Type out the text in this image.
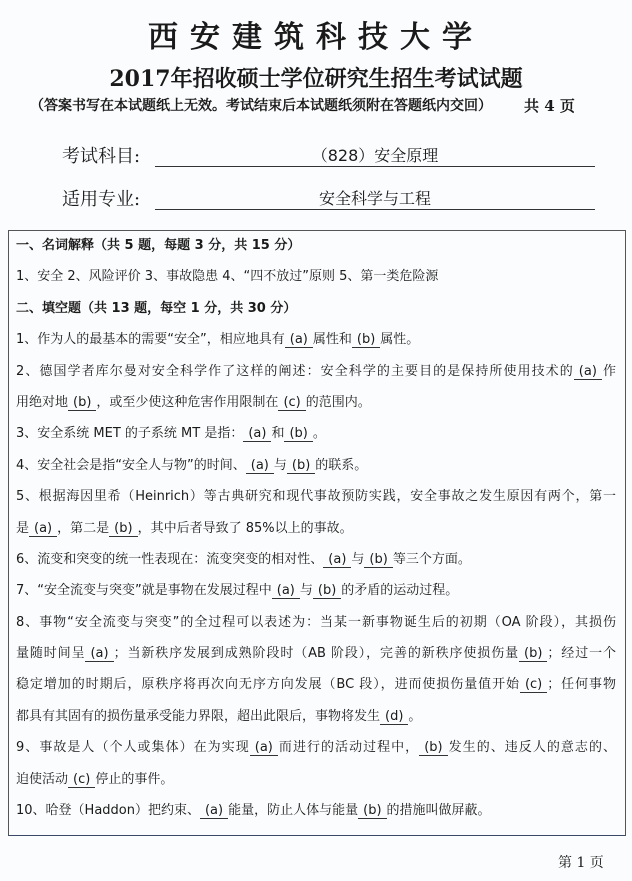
西安建筑科技大学
2017年招收硕士学位研究生招生考试试题
（答案书写在本试题纸上无效。考试结束后本试题纸须附在答题纸内交回） 共 4 页
考试科目:	（828）安全原理
适用专业:	安全科学与工程
一、名词解释（共 5 题，每题 3 分，共 15 分）
1、安全 2、风险评价 3、事故隐患 4、“四不放过”原则 5、第一类危险源
二、填空题（共 13 题，每空 1 分，共 30 分）
1、作为人的最基本的需要“安全”，相应地具有 (a) 属性和 (b) 属性。
2、德国学者库尔曼对安全科学作了这样的阐述：安全科学的主要目的是保持所使用技术的 (a) 作
用绝对地 (b) ，或至少使这种危害作用限制在 (c) 的范围内。
3、安全系统 MET 的子系统 MT 是指： (a) 和 (b) 。
4、安全社会是指“安全人与物”的时间、 (a) 与 (b) 的联系。
5、根据海因里希（Heinrich）等古典研究和现代事故预防实践，安全事故之发生原因有两个，第一
是 (a) ，第二是 (b) ，其中后者导致了 85%以上的事故。
6、流变和突变的统一性表现在：流变突变的相对性、 (a) 与 (b) 等三个方面。
7、“安全流变与突变”就是事物在发展过程中 (a) 与 (b) 的矛盾的运动过程。
8、事物“安全流变与突变”的全过程可以表述为：当某一新事物诞生后的初期（OA 阶段），其损伤
量随时间呈 (a) ；当新秩序发展到成熟阶段时（AB 阶段），完善的新秩序使损伤量 (b) ；经过一个
稳定增加的时期后，原秩序将再次向无序方向发展（BC 段），进而使损伤量值开始 (c) ；任何事物
都具有其固有的损伤量承受能力界限，超出此限后，事物将发生 (d) 。
9、事故是人（个人或集体）在为实现 (a) 而进行的活动过程中， (b) 发生的、违反人的意志的、
迫使活动 (c) 停止的事件。
10、哈登（Haddon）把约束、 (a) 能量，防止人体与能量 (b) 的措施叫做屏蔽。
第 1 页
